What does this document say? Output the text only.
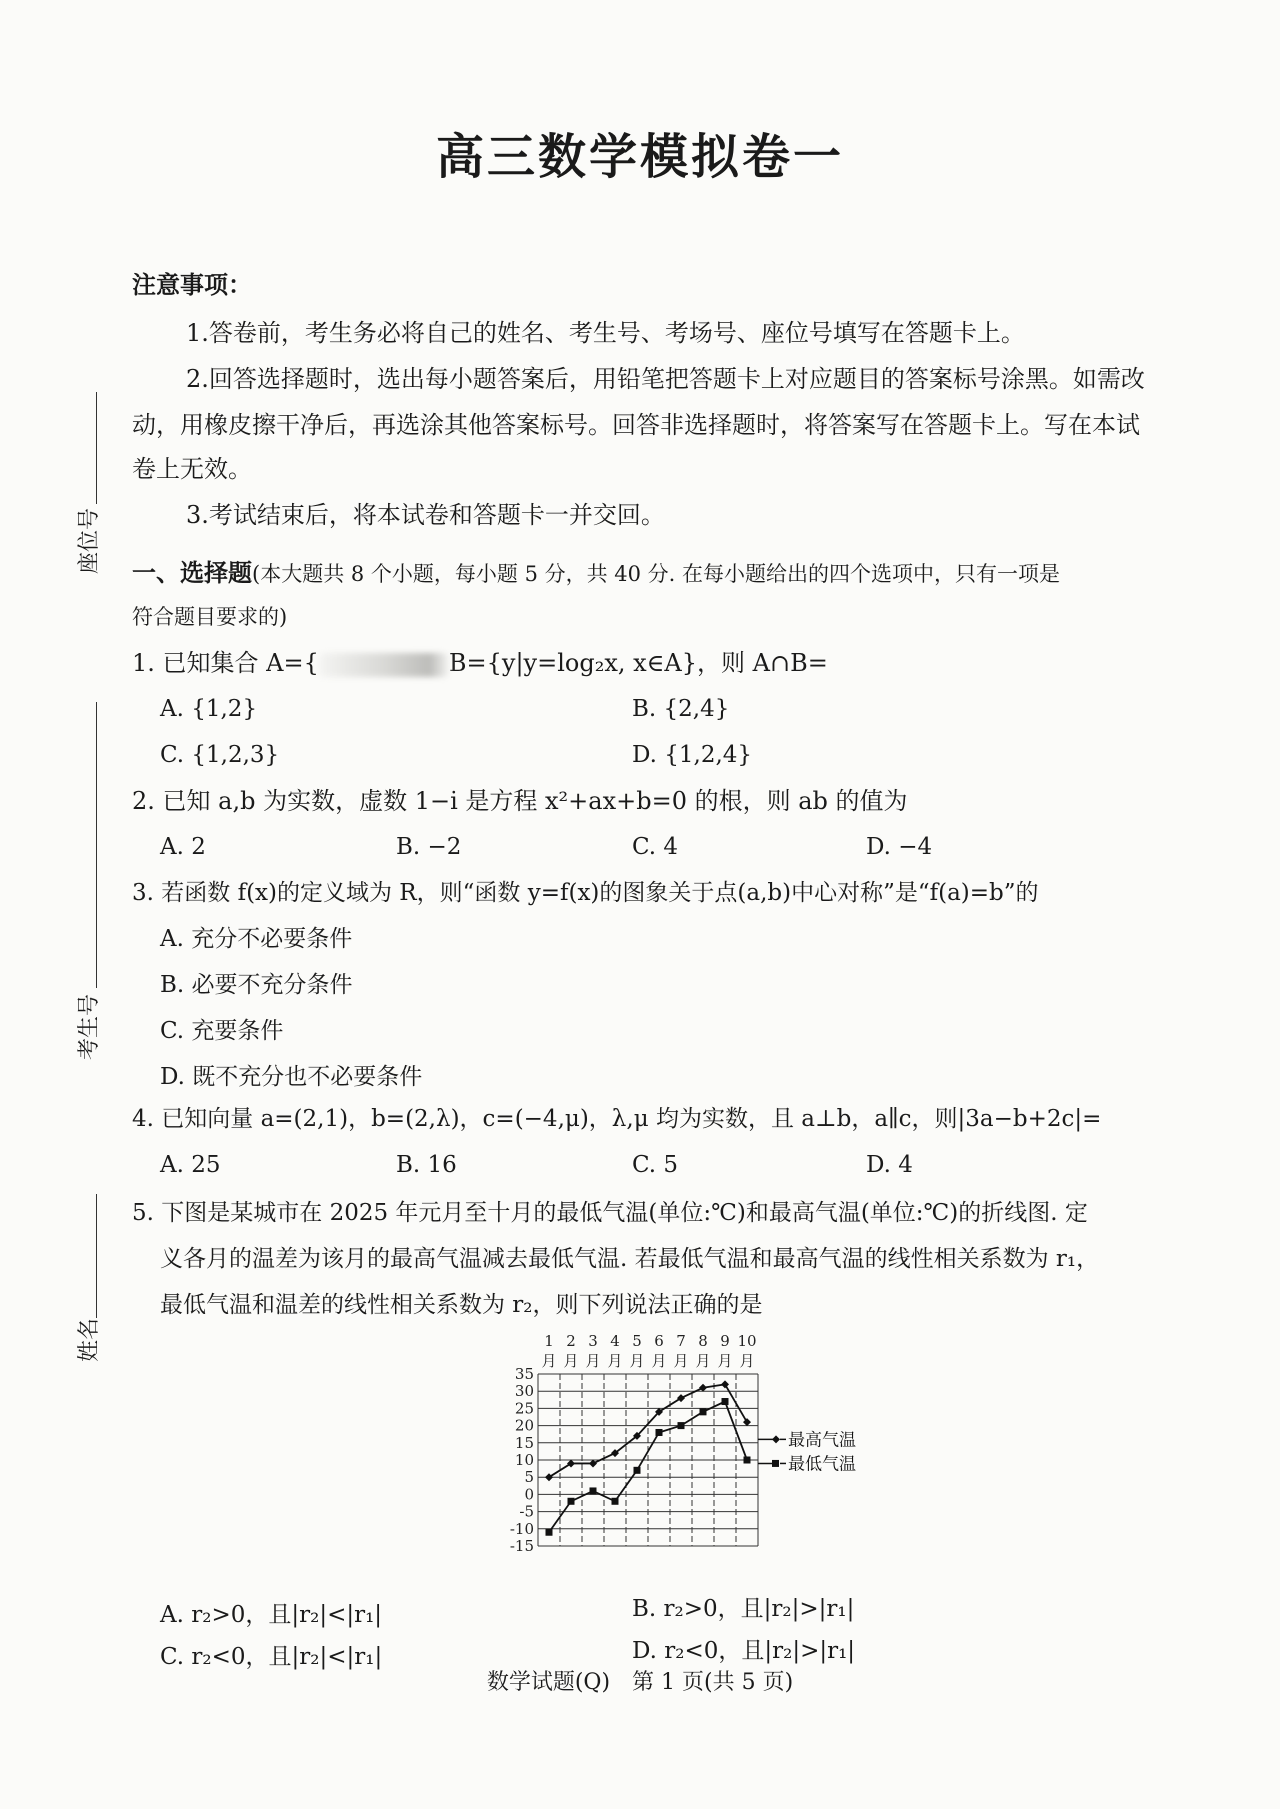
高三数学模拟卷一
注意事项：
1.答卷前，考生务必将自己的姓名、考生号、考场号、座位号填写在答题卡上。
2.回答选择题时，选出每小题答案后，用铅笔把答题卡上对应题目的答案标号涂黑。如需改
动，用橡皮擦干净后，再选涂其他答案标号。回答非选择题时，将答案写在答题卡上。写在本试
卷上无效。
3.考试结束后，将本试卷和答题卡一并交回。
一、选择题(本大题共 8 个小题，每小题 5 分，共 40 分. 在每小题给出的四个选项中，只有一项是
符合题目要求的)
1. 已知集合 A={	B={y|y=log₂x, x∈A}，则 A∩B=
A. {1,2}	B. {2,4}
C. {1,2,3}	D. {1,2,4}
2. 已知 a,b 为实数，虚数 1−i 是方程 x²+ax+b=0 的根，则 ab 的值为
A. 2	B. −2	C. 4	D. −4
3. 若函数 f(x)的定义域为 R，则“函数 y=f(x)的图象关于点(a,b)中心对称”是“f(a)=b”的
A. 充分不必要条件
B. 必要不充分条件
C. 充要条件
D. 既不充分也不必要条件
4. 已知向量 a=(2,1)，b=(2,λ)，c=(−4,μ)，λ,μ 均为实数，且 a⊥b，a∥c，则|3a−b+2c|=
A. 25	B. 16	C. 5	D. 4
5. 下图是某城市在 2025 年元月至十月的最低气温(单位:℃)和最高气温(单位:℃)的折线图. 定
义各月的温差为该月的最高气温减去最低气温. 若最低气温和最高气温的线性相关系数为 r₁，
最低气温和温差的线性相关系数为 r₂，则下列说法正确的是
35
30
25
20
15
10
5
0
-5
-10
-15
1
月
2
月
3
月
4
月
5
月
6
月
7
月
8
月
9
月
10
月
最高气温
最低气温
A. r₂>0，且|r₂|<|r₁|	B. r₂>0，且|r₂|>|r₁|
C. r₂<0，且|r₂|<|r₁|	D. r₂<0，且|r₂|>|r₁|
座位号
考生号
姓名
数学试题(Q)　第 1 页(共 5 页)
